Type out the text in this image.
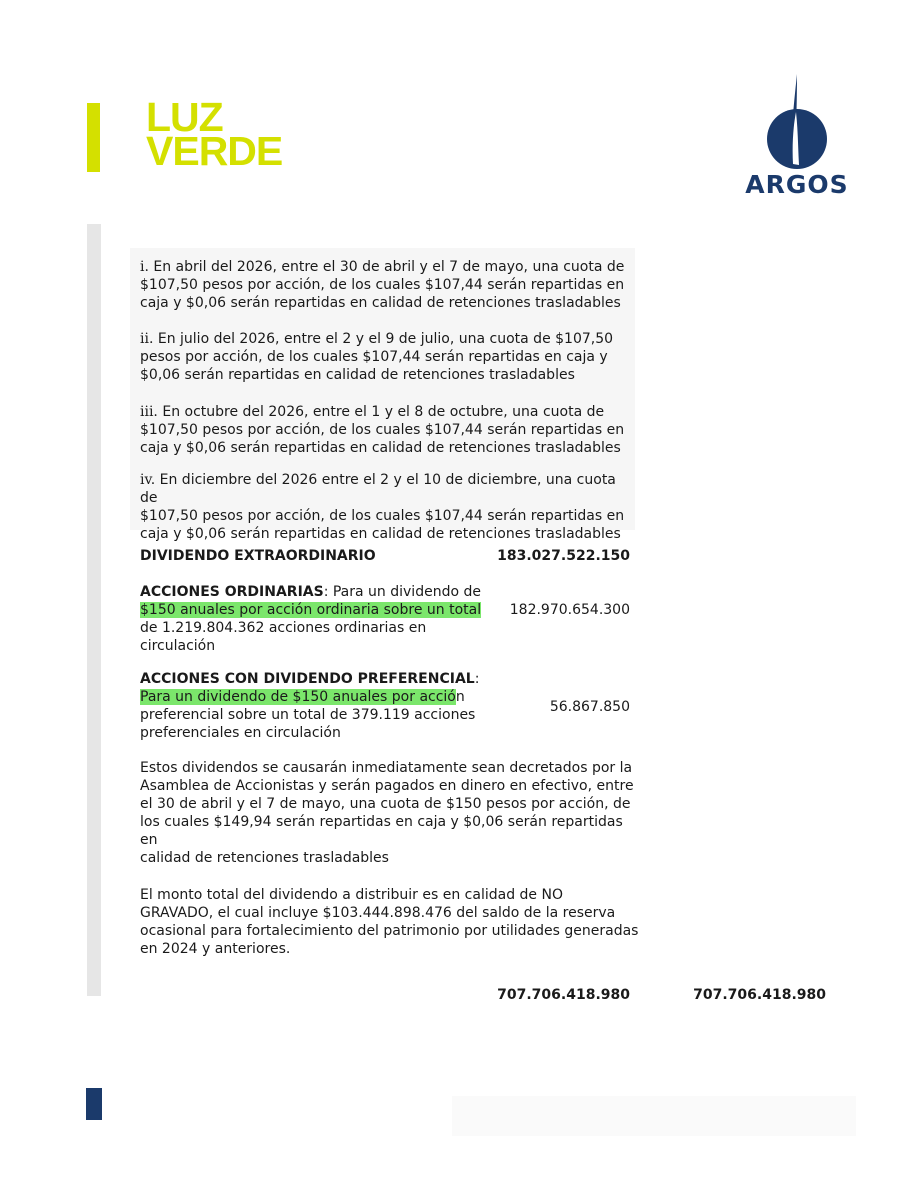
LUZ
VERDE
ARGOS
i. En abril del 2026, entre el 30 de abril y el 7 de mayo, una cuota de
$107,50 pesos por acción, de los cuales $107,44 serán repartidas en
caja y $0,06 serán repartidas en calidad de retenciones trasladables
ii. En julio del 2026, entre el 2 y el 9 de julio, una cuota de $107,50
pesos por acción, de los cuales $107,44 serán repartidas en caja y
$0,06 serán repartidas en calidad de retenciones trasladables
iii. En octubre del 2026, entre el 1 y el 8 de octubre, una cuota de
$107,50 pesos por acción, de los cuales $107,44 serán repartidas en
caja y $0,06 serán repartidas en calidad de retenciones trasladables
iv. En diciembre del 2026 entre el 2 y el 10 de diciembre, una cuota de
$107,50 pesos por acción, de los cuales $107,44 serán repartidas en
caja y $0,06 serán repartidas en calidad de retenciones trasladables
DIVIDENDO EXTRAORDINARIO	183.027.522.150
ACCIONES ORDINARIAS: Para un dividendo de
$150 anuales por acción ordinaria sobre un total
de 1.219.804.362 acciones ordinarias en
circulación
182.970.654.300
ACCIONES CON DIVIDENDO PREFERENCIAL:
Para un dividendo de $150 anuales por acción
preferencial sobre un total de 379.119 acciones
preferenciales en circulación
56.867.850
Estos dividendos se causarán inmediatamente sean decretados por la
Asamblea de Accionistas y serán pagados en dinero en efectivo, entre
el 30 de abril y el 7 de mayo, una cuota de $150 pesos por acción, de
los cuales $149,94 serán repartidas en caja y $0,06 serán repartidas en
calidad de retenciones trasladables
El monto total del dividendo a distribuir es en calidad de NO
GRAVADO, el cual incluye $103.444.898.476 del saldo de la reserva
ocasional para fortalecimiento del patrimonio por utilidades generadas
en 2024 y anteriores.
707.706.418.980	707.706.418.980
